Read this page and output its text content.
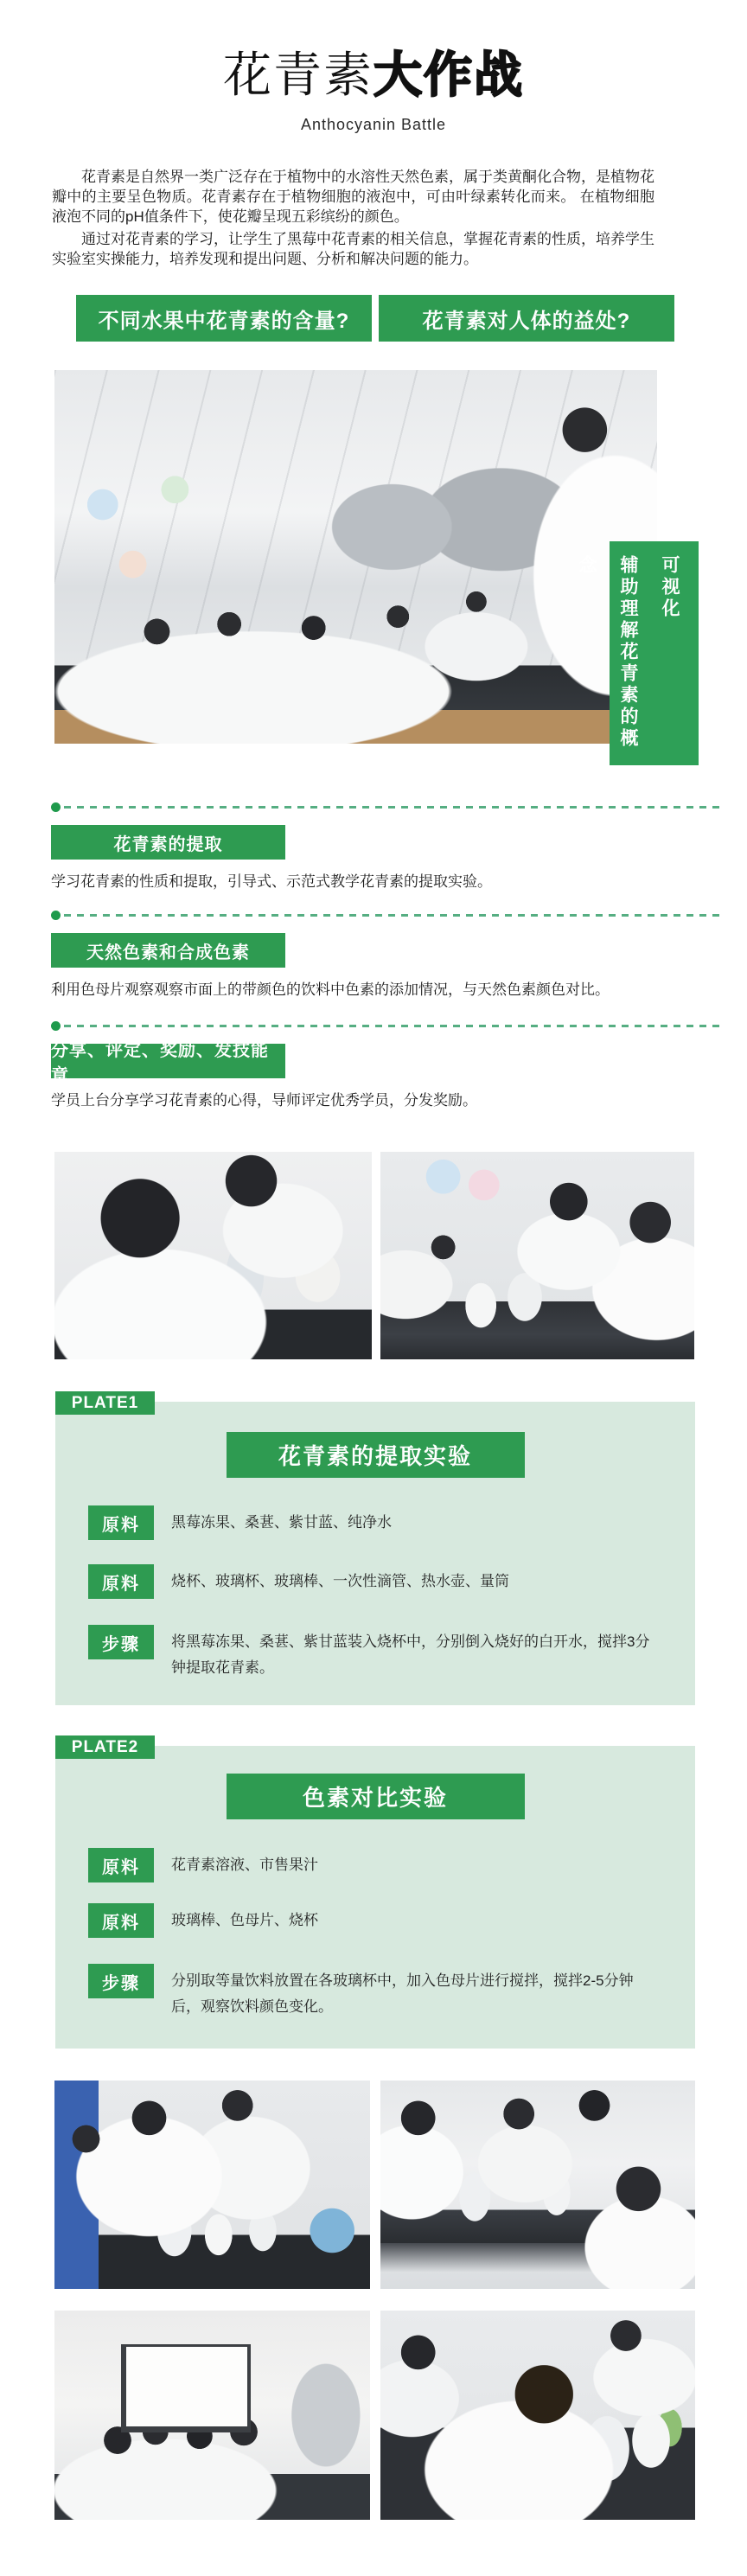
花青素大作战
Anthocyanin Battle

花青素是自然界一类广泛存在于植物中的水溶性天然色素，属于类黄酮化合物，是植物花瓣中的主要呈色物质。花青素存在于植物细胞的液泡中，可由叶绿素转化而来。 在植物细胞液泡不同的pH值条件下，使花瓣呈现五彩缤纷的颜色。

通过对花青素的学习，让学生了黑莓中花青素的相关信息，掌握花青素的性质，培养学生实验室实操能力，培养发现和提出问题、分析和解决问题的能力。

不同水果中花青素的含量?	花青素对人体的益处?
可视化
辅助理解花青素的概念
花青素的提取
学习花青素的性质和提取，引导式、示范式教学花青素的提取实验。
天然色素和合成色素
利用色母片观察观察市面上的带颜色的饮料中色素的添加情况，与天然色素颜色对比。
分享、评定、奖励、发技能章
学员上台分享学习花青素的心得，导师评定优秀学员，分发奖励。
PLATE1
花青素的提取实验
原料	黑莓冻果、桑葚、紫甘蓝、纯净水
原料	烧杯、玻璃杯、玻璃棒、一次性滴管、热水壶、量筒
步骤	将黑莓冻果、桑葚、紫甘蓝装入烧杯中，分别倒入烧好的白开水，搅拌3分钟提取花青素。
PLATE2
色素对比实验
原料	花青素溶液、市售果汁
原料	玻璃棒、色母片、烧杯
步骤	分别取等量饮料放置在各玻璃杯中，加入色母片进行搅拌，搅拌2-5分钟后，观察饮料颜色变化。
